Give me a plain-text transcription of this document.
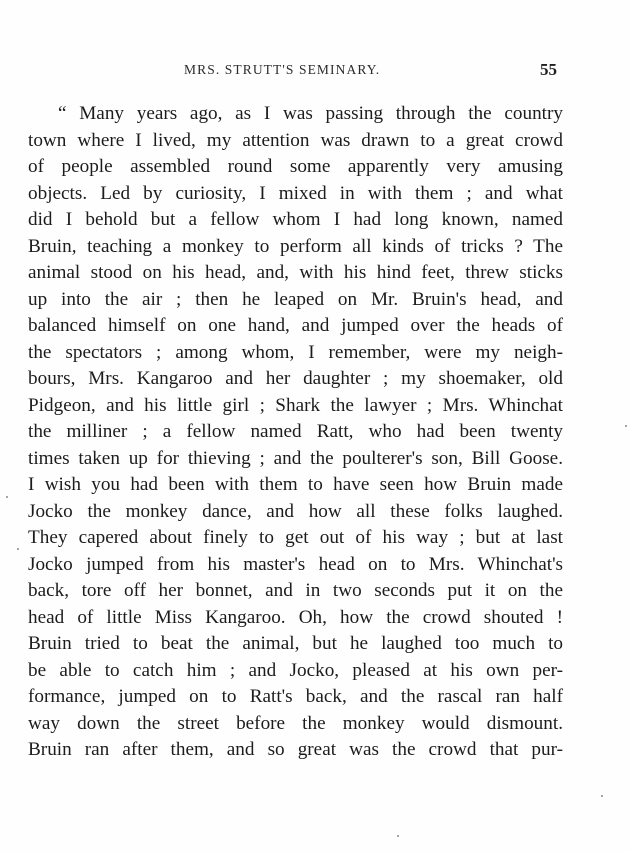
MRS. STRUTT'S SEMINARY.	55
“ Many years ago, as I was passing through the country
town where I lived, my attention was drawn to a great crowd
of people assembled round some apparently very amusing
objects. Led by curiosity, I mixed in with them ; and what
did I behold but a fellow whom I had long known, named
Bruin, teaching a monkey to perform all kinds of tricks ? The
animal stood on his head, and, with his hind feet, threw sticks
up into the air ; then he leaped on Mr. Bruin's head, and
balanced himself on one hand, and jumped over the heads of
the spectators ; among whom, I remember, were my neigh-
bours, Mrs. Kangaroo and her daughter ; my shoemaker, old
Pidgeon, and his little girl ; Shark the lawyer ; Mrs. Whinchat
the milliner ; a fellow named Ratt, who had been twenty
times taken up for thieving ; and the poulterer's son, Bill Goose.
I wish you had been with them to have seen how Bruin made
Jocko the monkey dance, and how all these folks laughed.
They capered about finely to get out of his way ; but at last
Jocko jumped from his master's head on to Mrs. Whinchat's
back, tore off her bonnet, and in two seconds put it on the
head of little Miss Kangaroo. Oh, how the crowd shouted !
Bruin tried to beat the animal, but he laughed too much to
be able to catch him ; and Jocko, pleased at his own per-
formance, jumped on to Ratt's back, and the rascal ran half
way down the street before the monkey would dismount.
Bruin ran after them, and so great was the crowd that pur-
